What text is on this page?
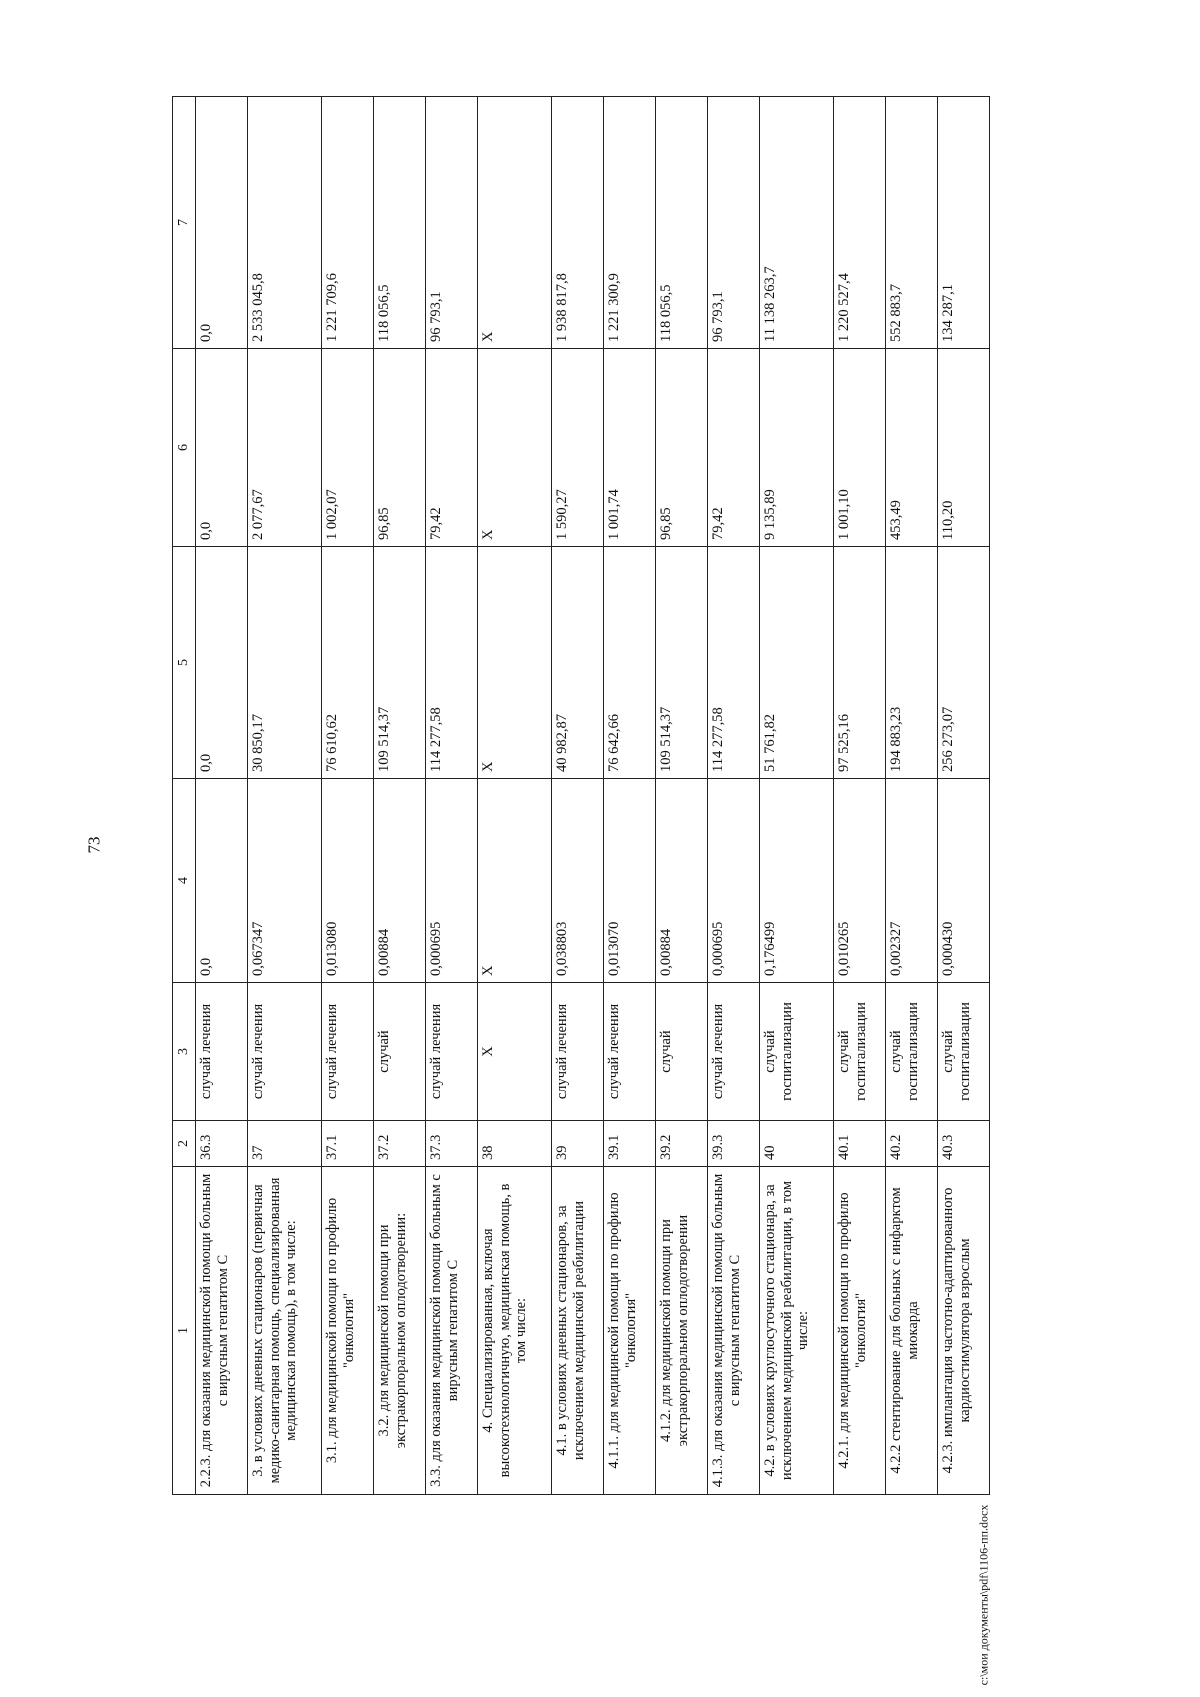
73
1	2	3	4	5	6	7
2.2.3. для оказания медицинской помощи больным с вирусным гепатитом С	36.3	случай лечения	0,0	0,0	0,0	0,0
3. в условиях дневных стационаров (первичная медико-санитарная помощь, специализированная медицинская помощь), в том числе:	37	случай лечения	0,067347	30 850,17	2 077,67	2 533 045,8
3.1. для медицинской помощи по профилю "онкология"	37.1	случай лечения	0,013080	76 610,62	1 002,07	1 221 709,6
3.2. для медицинской помощи при экстракорпоральном оплодотворении:	37.2	случай	0,00884	109 514,37	96,85	118 056,5
3.3. для оказания медицинской помощи больным с вирусным гепатитом С	37.3	случай лечения	0,000695	114 277,58	79,42	96 793,1
4. Специализированная, включая высокотехнологичную, медицинская помощь, в том числе:	38	Х	Х	Х	Х	Х
4.1. в условиях дневных стационаров, за исключением медицинской реабилитации	39	случай лечения	0,038803	40 982,87	1 590,27	1 938 817,8
4.1.1. для медицинской помощи по профилю "онкология"	39.1	случай лечения	0,013070	76 642,66	1 001,74	1 221 300,9
4.1.2. для медицинской помощи при экстракорпоральном оплодотворении	39.2	случай	0,00884	109 514,37	96,85	118 056,5
4.1.3. для оказания медицинской помощи больным с вирусным гепатитом С	39.3	случай лечения	0,000695	114 277,58	79,42	96 793,1
4.2. в условиях круглосуточного стационара, за исключением медицинской реабилитации, в том числе:	40	случай госпитализации	0,176499	51 761,82	9 135,89	11 138 263,7
4.2.1. для медицинской помощи по профилю "онкология"	40.1	случай госпитализации	0,010265	97 525,16	1 001,10	1 220 527,4
4.2.2 стентирование для больных с инфарктом миокарда	40.2	случай госпитализации	0,002327	194 883,23	453,49	552 883,7
4.2.3. имплантация частотно-адаптированного кардиостимулятора взрослым	40.3	случай госпитализации	0,000430	256 273,07	110,20	134 287,1
c:\мои документы\pdf\1106-пп.docx
